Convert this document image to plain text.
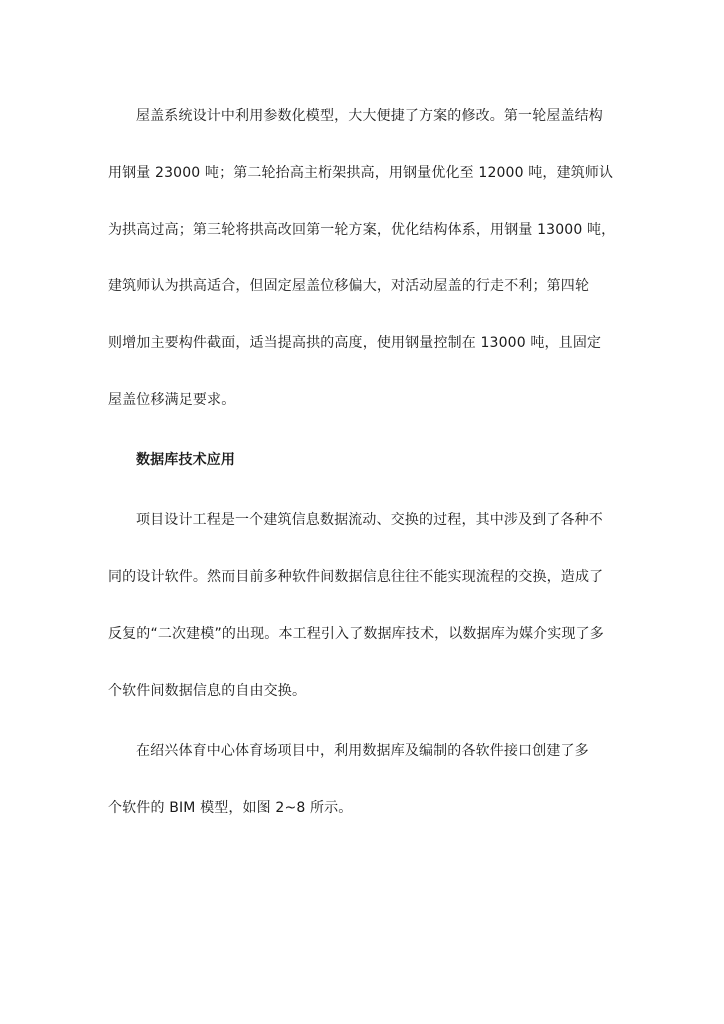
屋盖系统设计中利用参数化模型，大大便捷了方案的修改。第一轮屋盖结构
用钢量 23000 吨；第二轮抬高主桁架拱高，用钢量优化至 12000 吨，建筑师认
为拱高过高；第三轮将拱高改回第一轮方案，优化结构体系，用钢量 13000 吨，
建筑师认为拱高适合，但固定屋盖位移偏大，对活动屋盖的行走不利；第四轮
则增加主要构件截面，适当提高拱的高度，使用钢量控制在 13000 吨，且固定
屋盖位移满足要求。
数据库技术应用
项目设计工程是一个建筑信息数据流动、交换的过程，其中涉及到了各种不
同的设计软件。然而目前多种软件间数据信息往往不能实现流程的交换，造成了
反复的“二次建模”的出现。本工程引入了数据库技术，以数据库为媒介实现了多
个软件间数据信息的自由交换。
在绍兴体育中心体育场项目中，利用数据库及编制的各软件接口创建了多
个软件的 BIM 模型，如图 2~8 所示。
